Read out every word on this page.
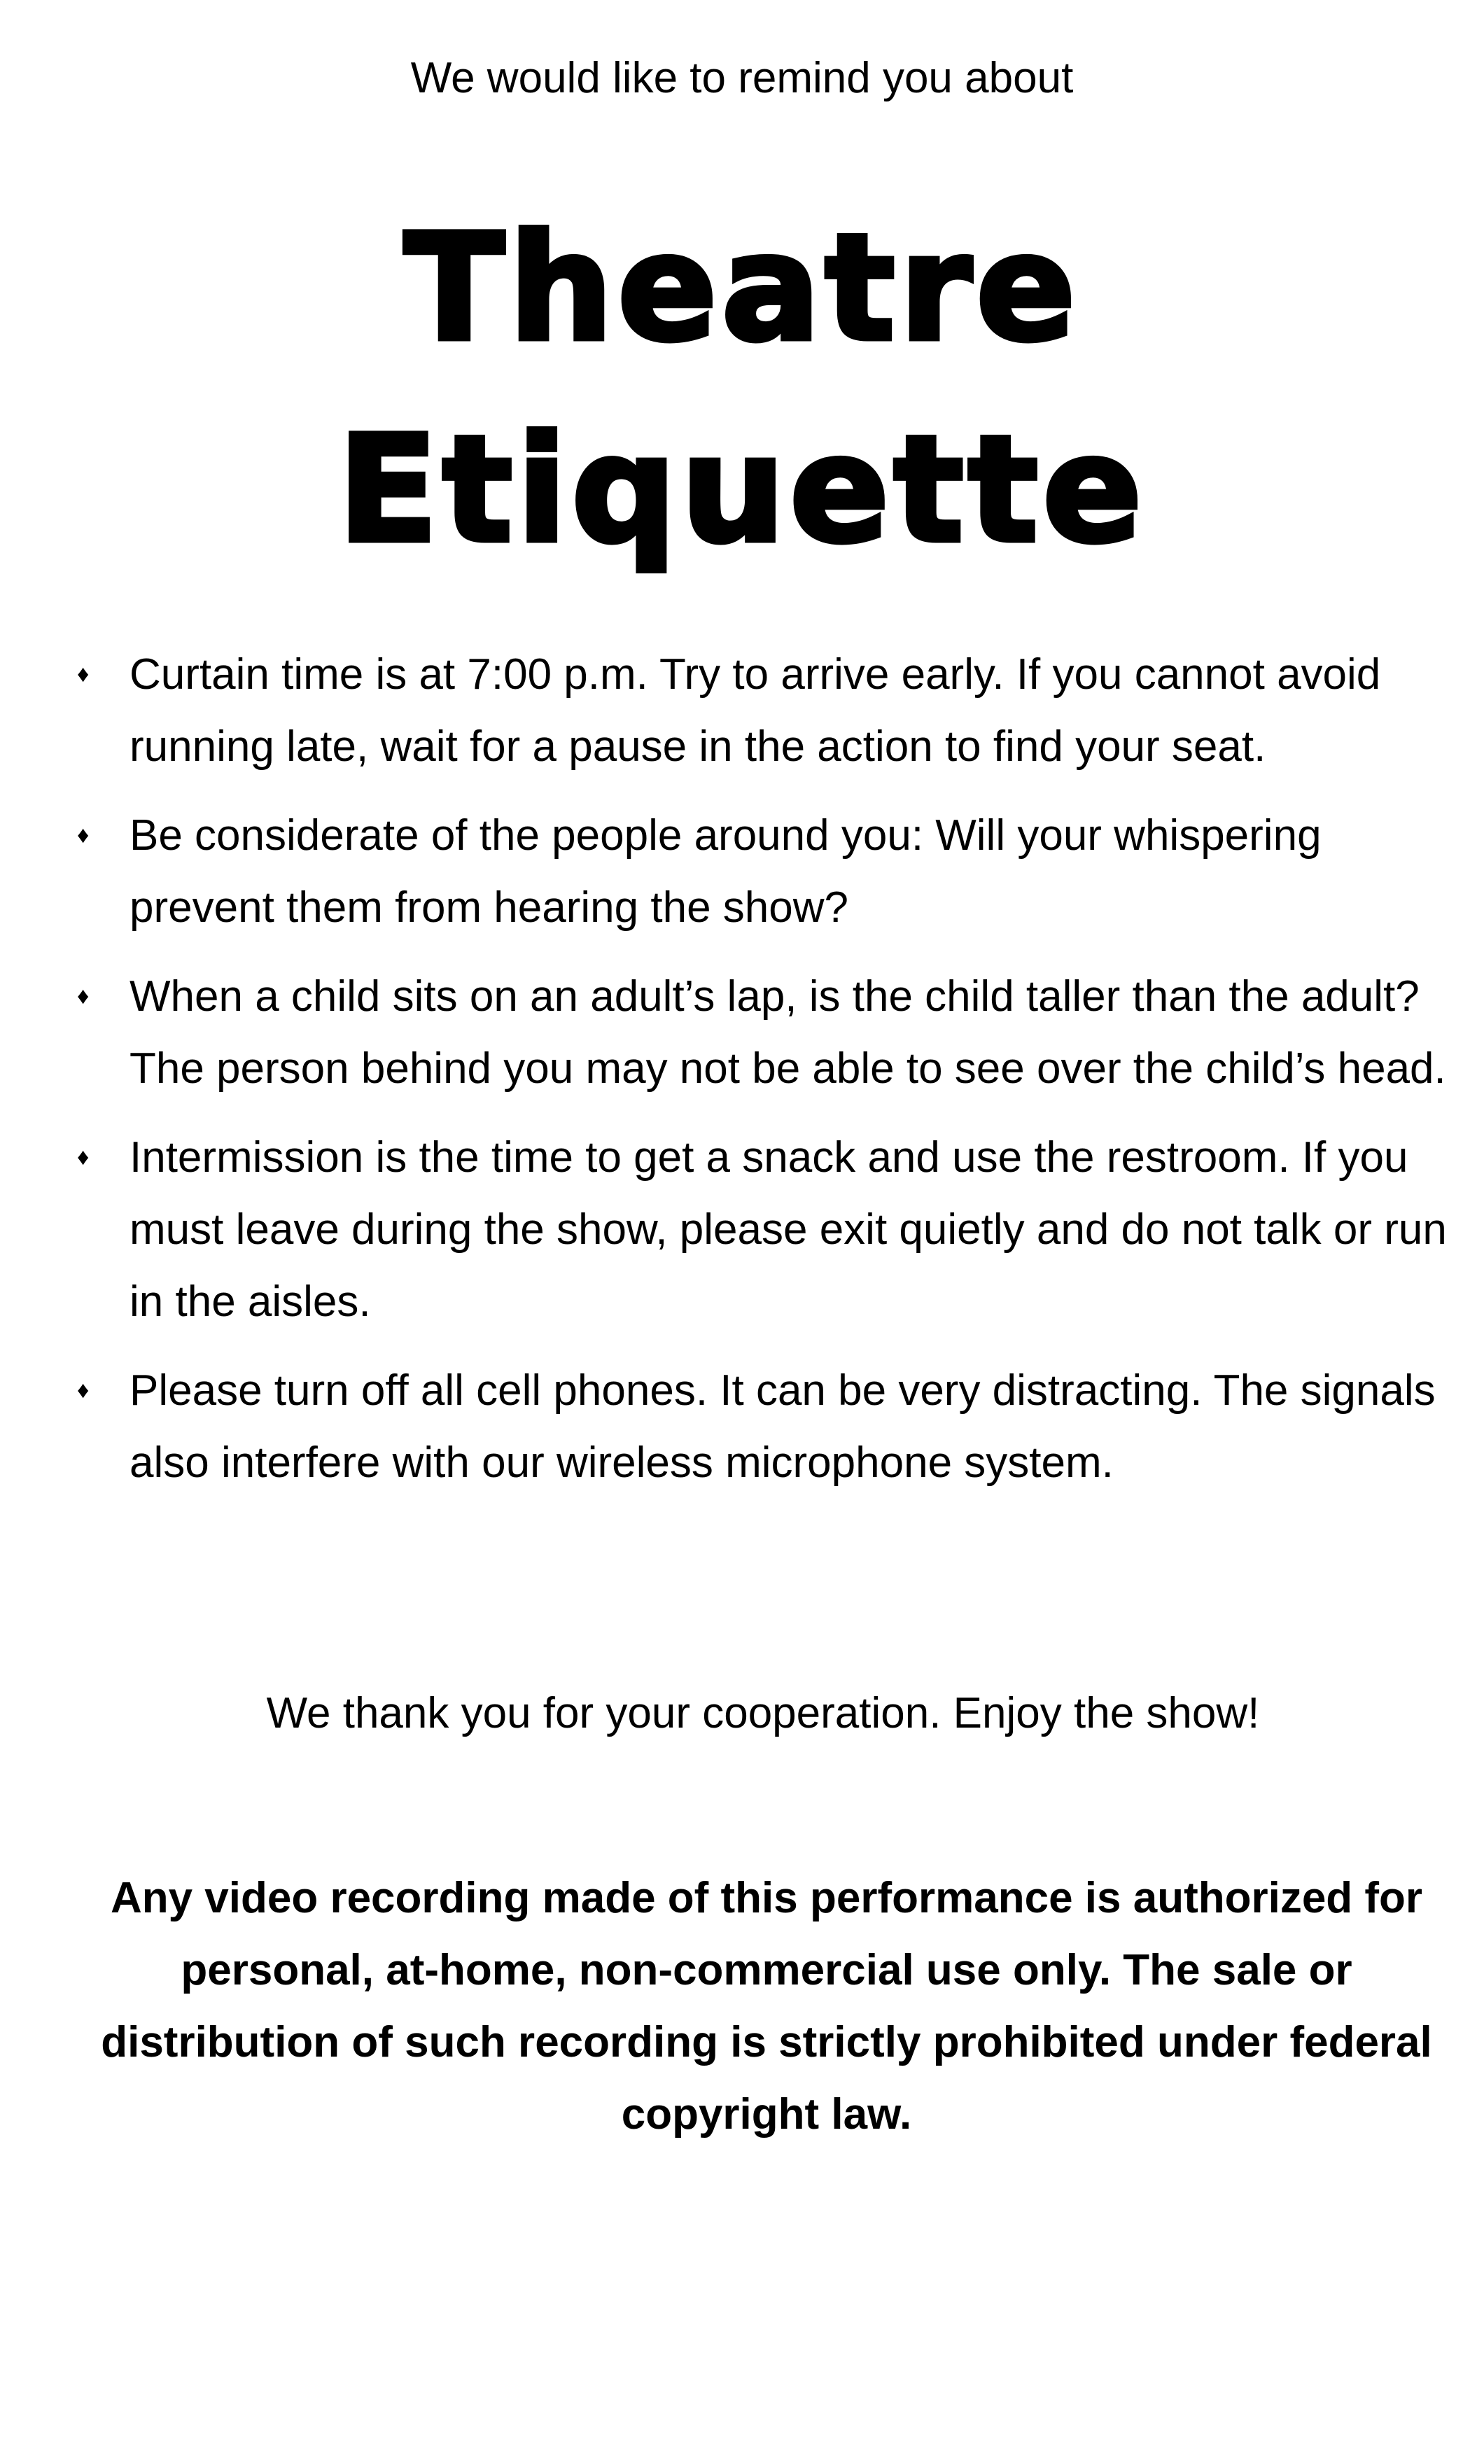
We would like to remind you about
Theatre
Etiquette
♦ Curtain time is at 7:00 p.m. Try to arrive early. If you cannot avoid running late, wait for a pause in the action to find your seat.
♦ Be considerate of the people around you: Will your whispering prevent them from hearing the show?
♦ When a child sits on an adult’s lap, is the child taller than the adult? The person behind you may not be able to see over the child’s head.
♦ Intermission is the time to get a snack and use the restroom. If you must leave during the show, please exit quietly and do not talk or run in the aisles.
♦ Please turn off all cell phones. It can be very distracting. The signals also interfere with our wireless microphone system.
We thank you for your cooperation. Enjoy the show!
Any video recording made of this performance is authorized for personal, at-home, non-commercial use only. The sale or distribution of such recording is strictly prohibited under federal copyright law.
